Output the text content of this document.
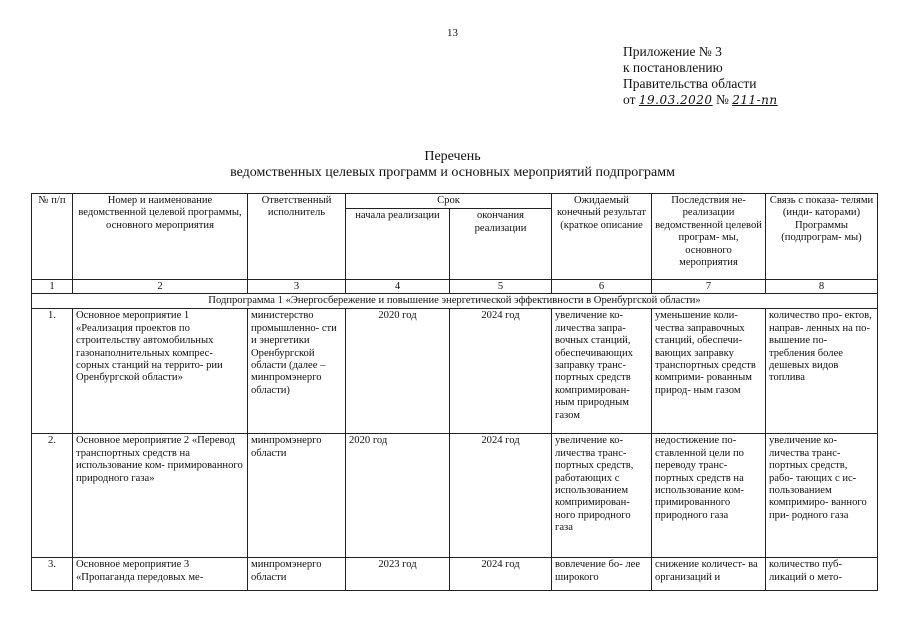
13
Приложение № 3
к постановлению
Правительства области
от 19.03.2020 № 211-пп
Перечень
ведомственных целевых программ и основных мероприятий подпрограмм
№ п/п	Номер и наименование ведомственной целевой программы, основного мероприятия	Ответственный исполнитель	Срок		Ожидаемый конечный результат (краткое описание	Последствия не- реализации ведомственной целевой програм- мы, основного мероприятия	Связь с показа- телями (инди- каторами) Программы (подпрограм- мы)
			начала реализации	окончания реализации			
1	2	3	4	5	6	7	8
Подпрограмма 1 «Энергосбережение и повышение энергетической эффективности в Оренбургской области»							
1.	Основное мероприятие 1 «Реализация проектов по строительству автомобильных газонаполнительных компрес- сорных станций на террито- рии Оренбургской области»	министерство промышленно- сти и энергетики Оренбургской области (далее – минпромэнерго области)	2020 год	2024 год	увеличение ко- личества запра- вочных станций, обеспечивающих заправку транс- портных средств компримирован- ным природным газом	уменьшение коли- чества заправочных станций, обеспечи- вающих заправку транспортных средств комприми- рованным природ- ным газом	количество про- ектов, направ- ленных на по- вышение по- требления более дешевых видов топлива
2.	Основное мероприятие 2 «Перевод транспортных средств на использование ком- примированного природного газа»	минпромэнерго области	2020 год	2024 год	увеличение ко- личества транс- портных средств, работающих с использованием компримирован- ного природного газа	недостижение по- ставленной цели по переводу транс- портных средств на использование ком- примированного природного газа	увеличение ко- личества транс- портных средств, рабо- тающих с ис- пользованием компримиро- ванного при- родного газа
3.	Основное мероприятие 3 «Пропаганда передовых ме-	минпромэнерго области	2023 год	2024 год	вовлечение бо- лее широкого	снижение количест- ва организаций и	количество пуб- ликаций о мето-
